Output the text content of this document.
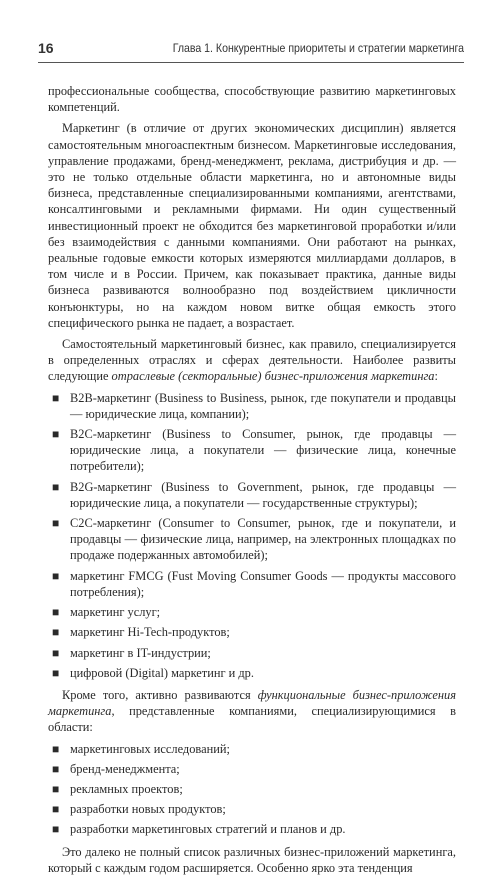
16	Глава 1. Конкурентные приоритеты и стратегии маркетинга

профессиональные сообщества, способствующие развитию маркетинговых компетенций.

Маркетинг (в отличие от других экономических дисциплин) является самостоятельным многоаспектным бизнесом. Маркетинговые исследования, управление продажами, бренд-менеджмент, реклама, дистрибуция и др. — это не только отдельные области маркетинга, но и автономные виды бизнеса, представленные специализированными компаниями, агентствами, консалтинговыми и рекламными фирмами. Ни один существенный инвестиционный проект не обходится без маркетинговой проработки и/или без взаимодействия с данными компаниями. Они работают на рынках, реальные годовые емкости которых измеряются миллиардами долларов, в том числе и в России. Причем, как показывает практика, данные виды бизнеса развиваются волнообразно под воздействием цикличности конъюнктуры, но на каждом новом витке общая емкость этого специфического рынка не падает, а возрастает.

Самостоятельный маркетинговый бизнес, как правило, специализируется в определенных отраслях и сферах деятельности. Наиболее развиты следующие отраслевые (секторальные) бизнес-приложения маркетинга:

■ B2B-маркетинг (Business to Business, рынок, где покупатели и продавцы — юридические лица, компании);
■ B2C-маркетинг (Business to Consumer, рынок, где продавцы — юридические лица, а покупатели — физические лица, конечные потребители);
■ B2G-маркетинг (Business to Government, рынок, где продавцы — юридические лица, а покупатели — государственные структуры);
■ C2C-маркетинг (Consumer to Consumer, рынок, где и покупатели, и продавцы — физические лица, например, на электронных площадках по продаже подержанных автомобилей);
■ маркетинг FMCG (Fust Moving Consumer Goods — продукты массового потребления);
■ маркетинг услуг;
■ маркетинг Hi-Tech-продуктов;
■ маркетинг в IT-индустрии;
■ цифровой (Digital) маркетинг и др.

Кроме того, активно развиваются функциональные бизнес-приложения маркетинга, представленные компаниями, специализирующимися в области:

■ маркетинговых исследований;
■ бренд-менеджмента;
■ рекламных проектов;
■ разработки новых продуктов;
■ разработки маркетинговых стратегий и планов и др.

Это далеко не полный список различных бизнес-приложений маркетинга, который с каждым годом расширяется. Особенно ярко эта тенденция
